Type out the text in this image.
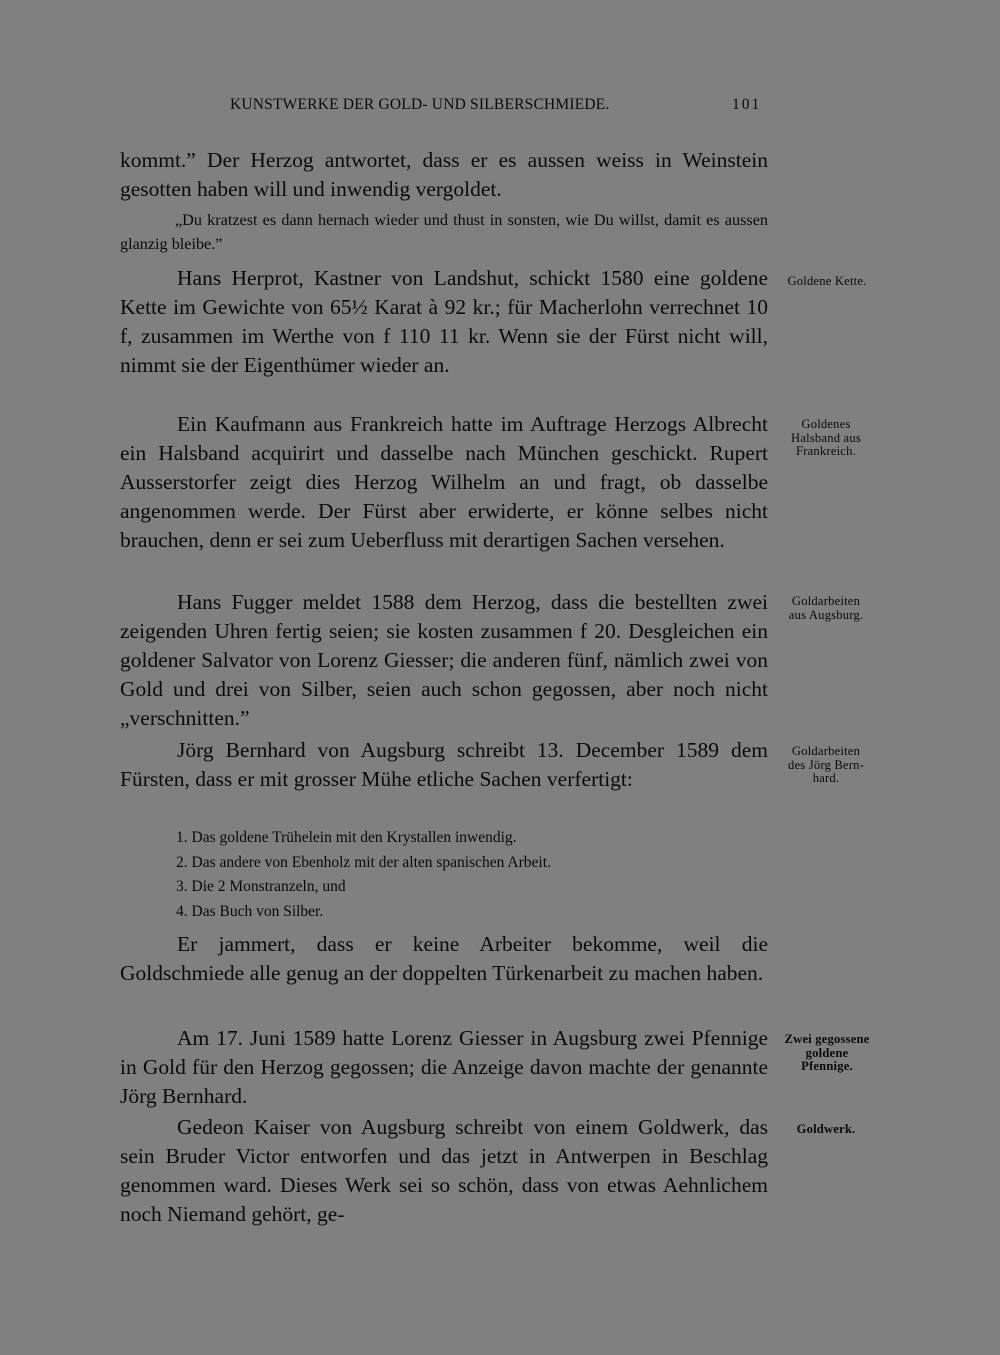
KUNSTWERKE DER GOLD- UND SILBERSCHMIEDE.	101

kommt.” Der Herzog antwortet, dass er es aussen weiss in Weinstein gesotten haben will und inwendig vergoldet.

„Du kratzest es dann hernach wieder und thust in sonsten, wie Du willst, damit es aussen glanzig bleibe.”

Hans Herprot, Kastner von Landshut, schickt 1580 eine goldene Kette im Gewichte von 65½ Karat à 92 kr.; für Macherlohn verrechnet 10 f, zusammen im Werthe von f 110 11 kr. Wenn sie der Fürst nicht will, nimmt sie der Eigenthümer wieder an.

Ein Kaufmann aus Frankreich hatte im Auftrage Herzogs Albrecht ein Halsband acquirirt und dasselbe nach München geschickt. Rupert Ausserstorfer zeigt dies Herzog Wilhelm an und fragt, ob dasselbe angenommen werde. Der Fürst aber erwiderte, er könne selbes nicht brauchen, denn er sei zum Ueberfluss mit derartigen Sachen versehen.

Hans Fugger meldet 1588 dem Herzog, dass die bestellten zwei zeigenden Uhren fertig seien; sie kosten zusammen f 20. Desgleichen ein goldener Salvator von Lorenz Giesser; die anderen fünf, nämlich zwei von Gold und drei von Silber, seien auch schon gegossen, aber noch nicht „verschnitten.”

Jörg Bernhard von Augsburg schreibt 13. December 1589 dem Fürsten, dass er mit grosser Mühe etliche Sachen verfertigt:

1. Das goldene Trühelein mit den Krystallen inwendig.
2. Das andere von Ebenholz mit der alten spanischen Arbeit.
3. Die 2 Monstranzeln, und
4. Das Buch von Silber.

Er jammert, dass er keine Arbeiter bekomme, weil die Goldschmiede alle genug an der doppelten Türkenarbeit zu machen haben.

Am 17. Juni 1589 hatte Lorenz Giesser in Augsburg zwei Pfennige in Gold für den Herzog gegossen; die Anzeige davon machte der genannte Jörg Bernhard.

Gedeon Kaiser von Augsburg schreibt von einem Goldwerk, das sein Bruder Victor entworfen und das jetzt in Antwerpen in Beschlag genommen ward. Dieses Werk sei so schön, dass von etwas Aehnlichem noch Niemand gehört, ge-

Goldene Kette.
Goldenes
Halsband aus
Frankreich.
Goldarbeiten
aus Augsburg.
Goldarbeiten
des Jörg Bern-
hard.
Zwei gegossene
goldene
Pfennige.
Goldwerk.
